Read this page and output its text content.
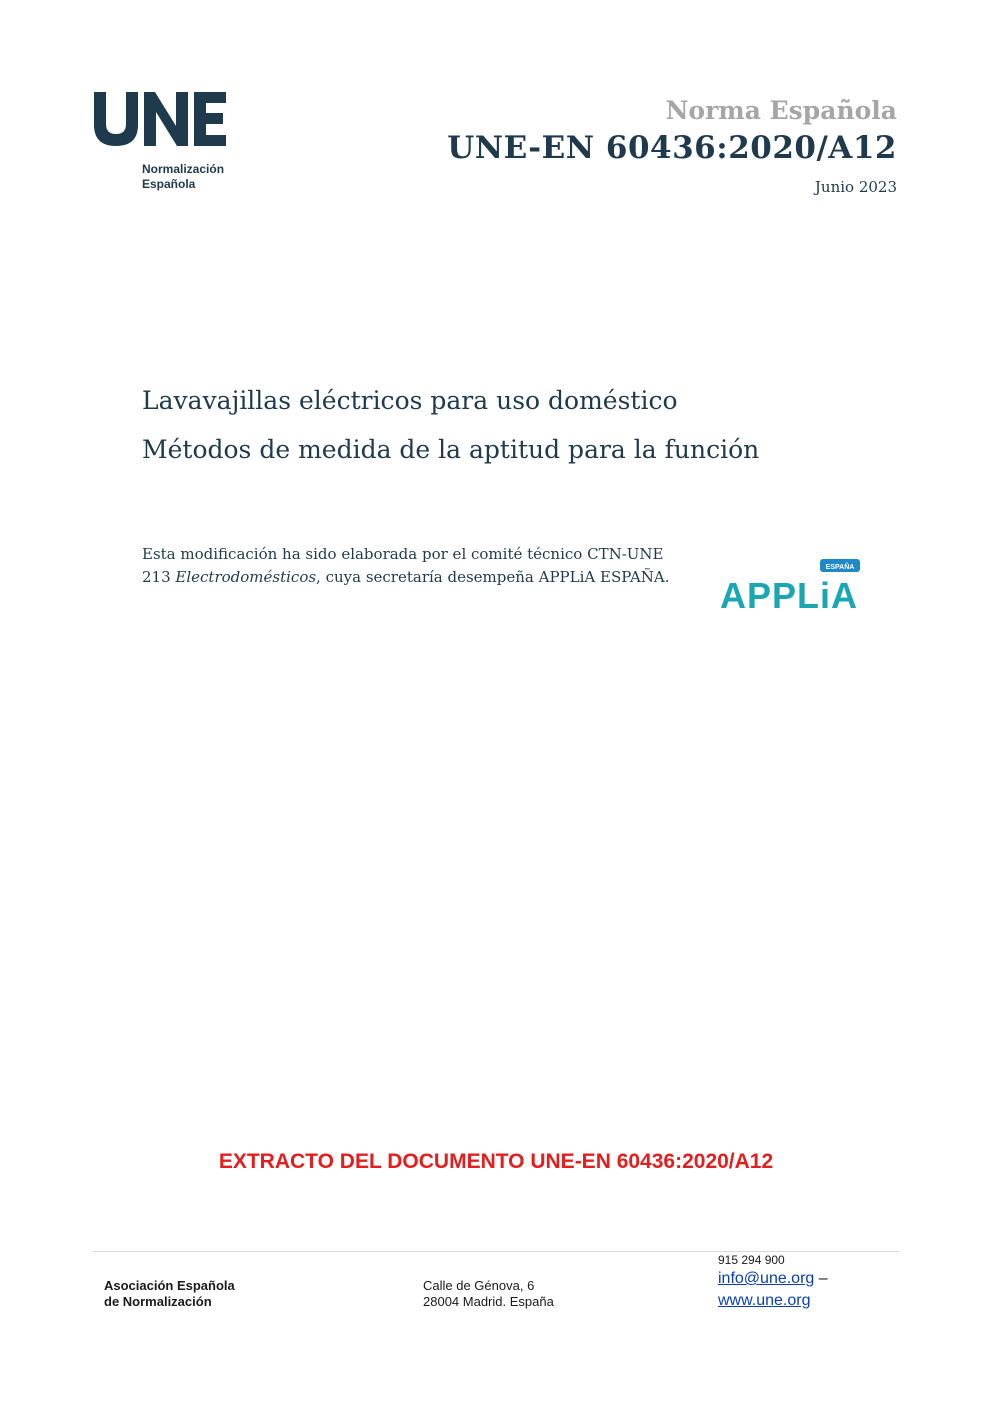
Normalización
Española
Norma Española
UNE-EN 60436:2020/A12
Junio 2023
Lavavajillas eléctricos para uso doméstico
Métodos de medida de la aptitud para la función
Esta modificación ha sido elaborada por el comité técnico CTN-UNE 213 Electrodomésticos, cuya secretaría desempeña APPLiA ESPAÑA.
ESPAÑA
APPLiA
EXTRACTO DEL DOCUMENTO UNE-EN 60436:2020/A12
Asociación Española
de Normalización
Calle de Génova, 6
28004 Madrid. España
915 294 900
info@une.org –
www.une.org
